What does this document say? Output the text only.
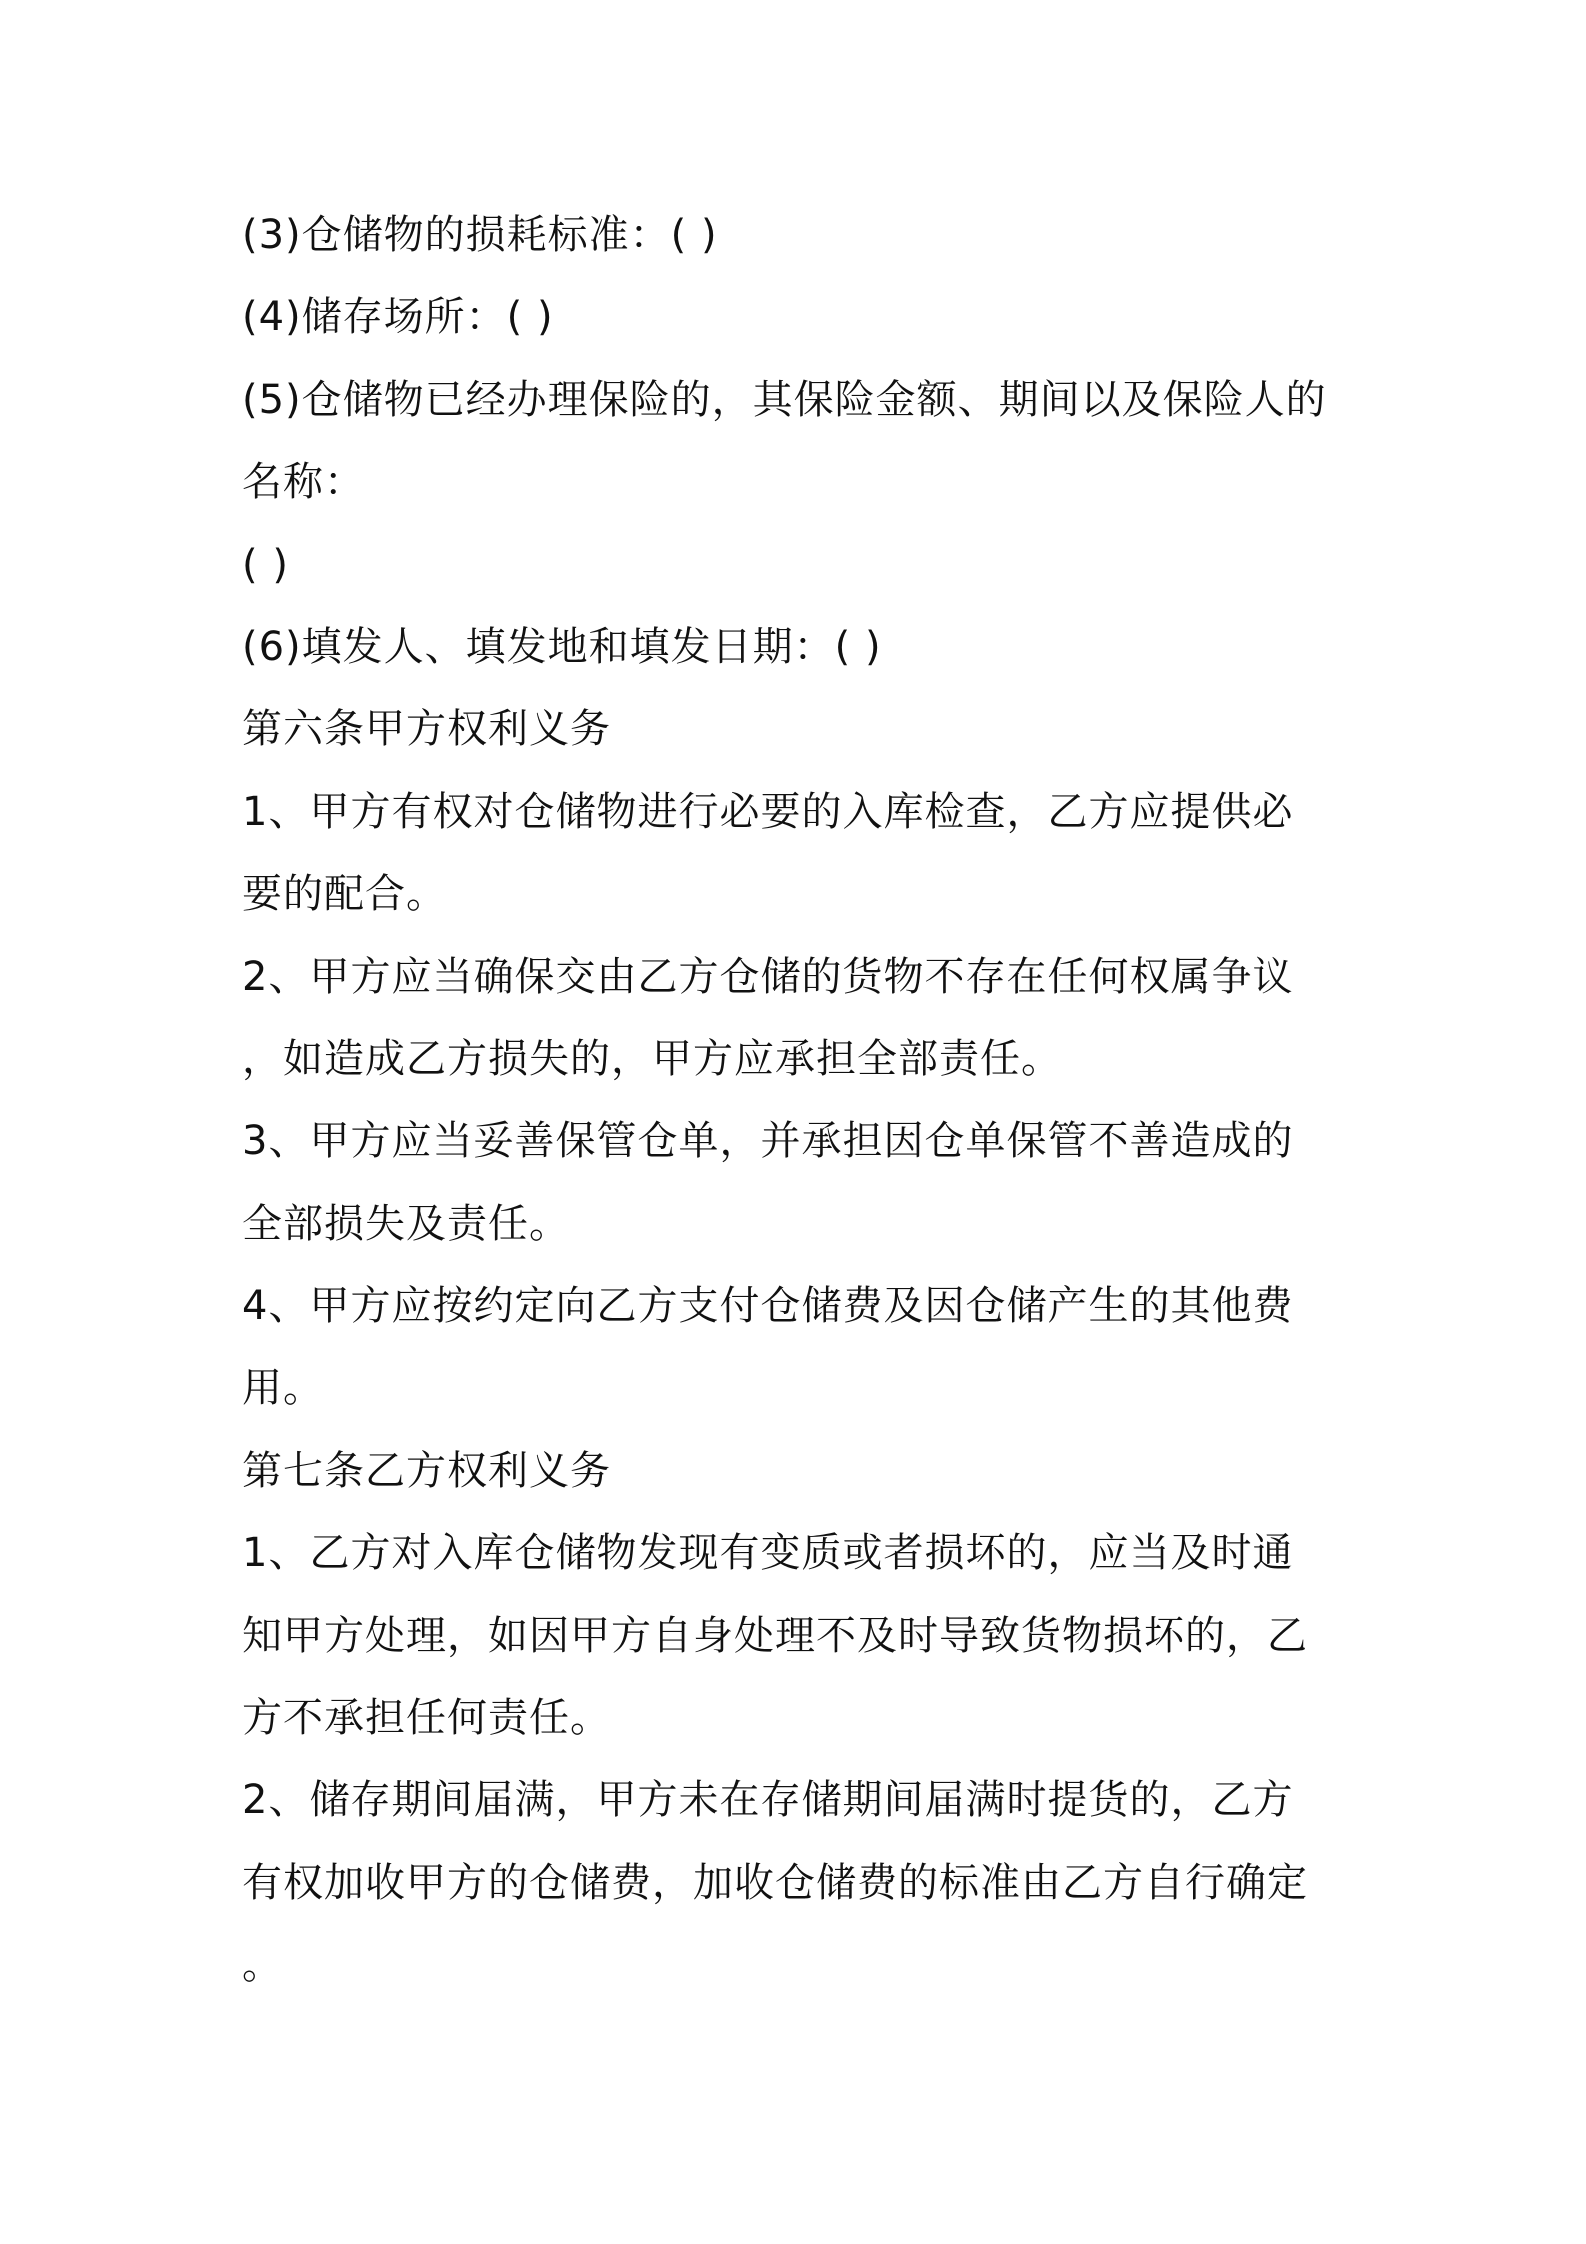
(3)仓储物的损耗标准：( )
(4)储存场所：( )
(5)仓储物已经办理保险的，其保险金额、期间以及保险人的
名称：
( )
(6)填发人、填发地和填发日期：( )
第六条甲方权利义务
1、甲方有权对仓储物进行必要的入库检查，乙方应提供必
要的配合。
2、甲方应当确保交由乙方仓储的货物不存在任何权属争议
，如造成乙方损失的，甲方应承担全部责任。
3、甲方应当妥善保管仓单，并承担因仓单保管不善造成的
全部损失及责任。
4、甲方应按约定向乙方支付仓储费及因仓储产生的其他费
用。
第七条乙方权利义务
1、乙方对入库仓储物发现有变质或者损坏的，应当及时通
知甲方处理，如因甲方自身处理不及时导致货物损坏的，乙
方不承担任何责任。
2、储存期间届满，甲方未在存储期间届满时提货的，乙方
有权加收甲方的仓储费，加收仓储费的标准由乙方自行确定
。
